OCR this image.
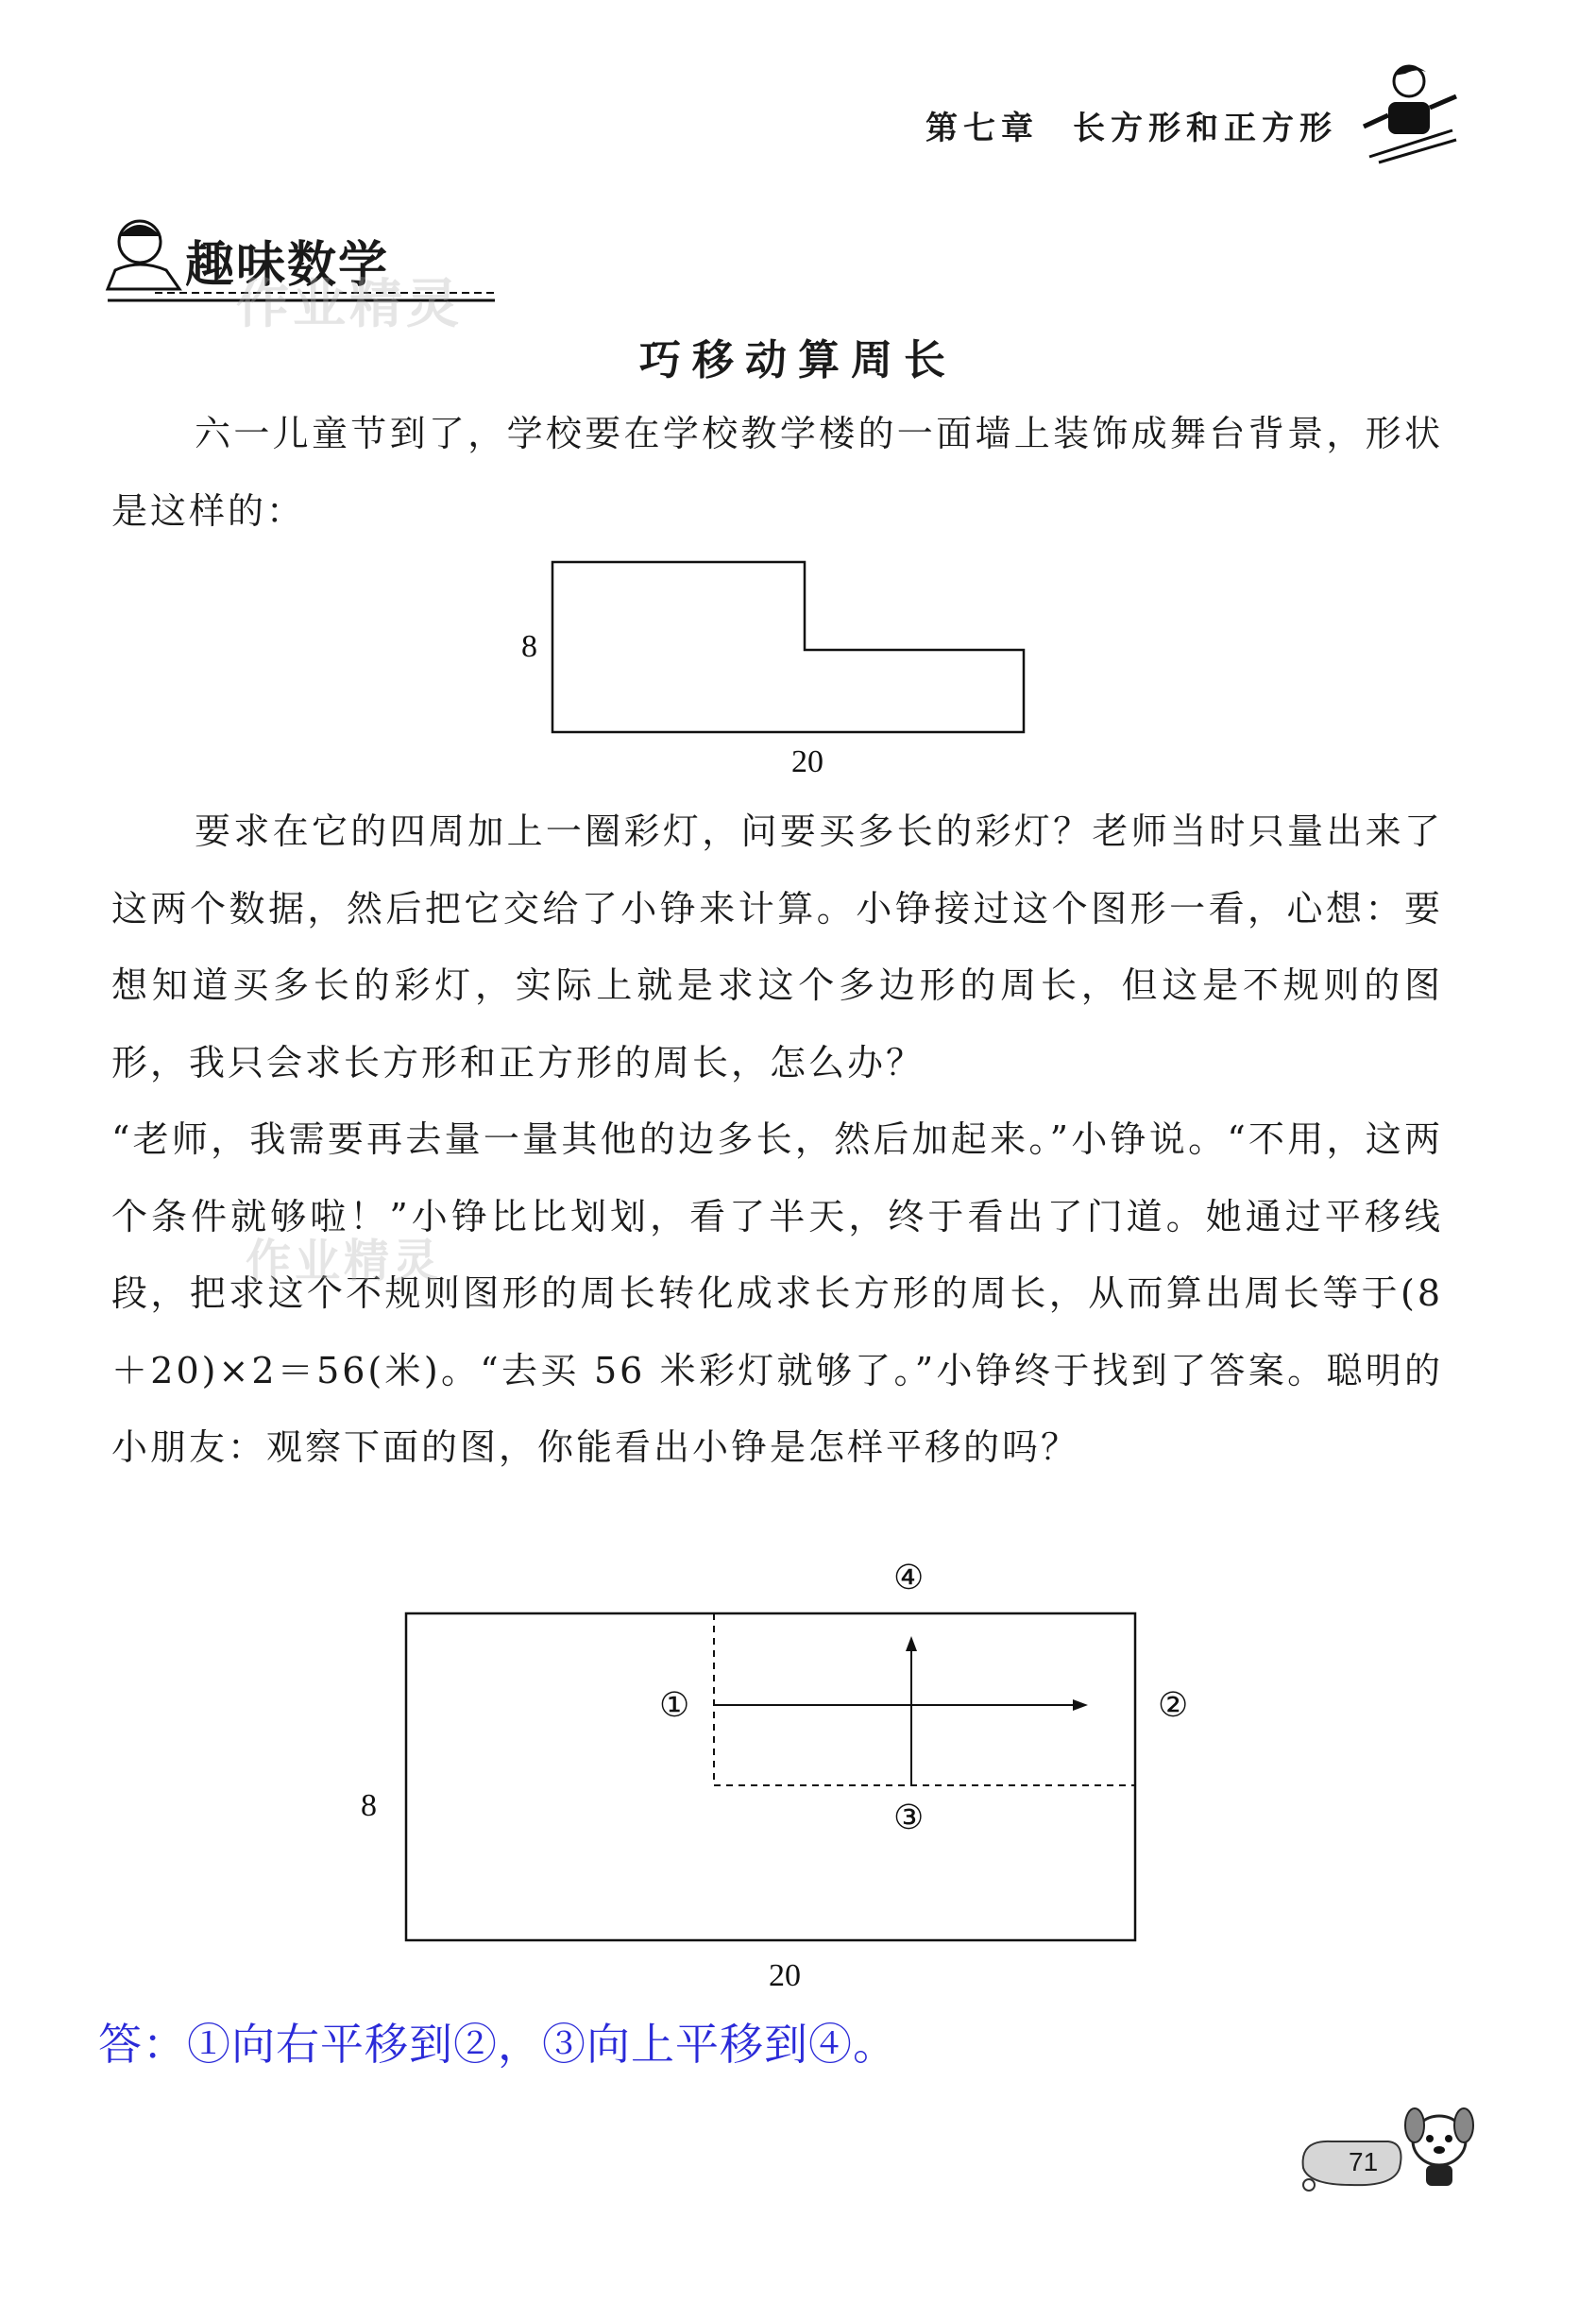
第七章 长方形和正方形
趣味数学
作业精灵
巧移动算周长

六一儿童节到了，学校要在学校教学楼的一面墙上装饰成舞台背景，形状是这样的：

8
20

要求在它的四周加上一圈彩灯，问要买多长的彩灯？老师当时只量出来了这两个数据，然后把它交给了小铮来计算。小铮接过这个图形一看，心想：要想知道买多长的彩灯，实际上就是求这个多边形的周长，但这是不规则的图形，我只会求长方形和正方形的周长，怎么办？

“老师，我需要再去量一量其他的边多长，然后加起来。”小铮说。“不用，这两个条件就够啦！”小铮比比划划，看了半天，终于看出了门道。她通过平移线段，把求这个不规则图形的周长转化成求长方形的周长，从而算出周长等于(8＋20)×2＝56(米)。“去买 56 米彩灯就够了。”小铮终于找到了答案。聪明的小朋友：观察下面的图，你能看出小铮是怎样平移的吗？

作业精灵
④
①	②
③
8
20
答：①向右平移到②，③向上平移到④。
71
